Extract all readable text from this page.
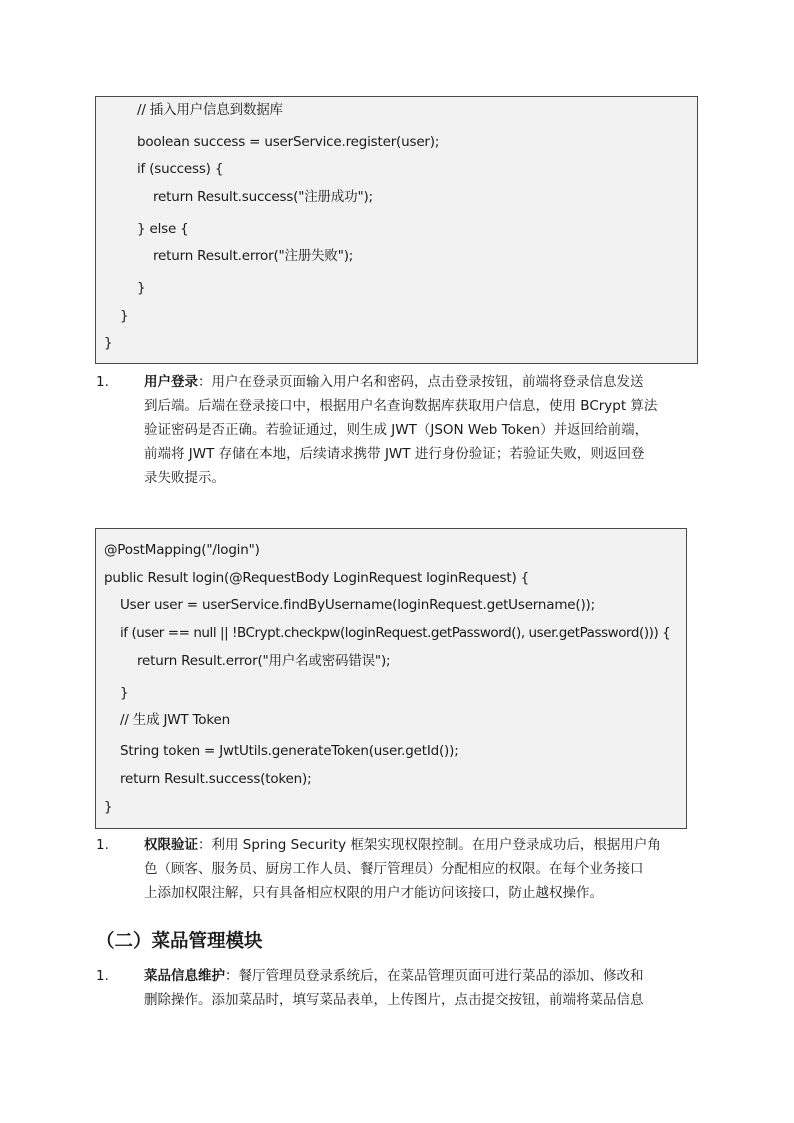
// 插入用户信息到数据库

boolean success = userService.register(user);

if (success) {

return Result.success("注册成功");

} else {

return Result.error("注册失败");

}

}

}

1.	用户登录：用户在登录页面输入用户名和密码，点击登录按钮，前端将登录信息发送
到后端。后端在登录接口中，根据用户名查询数据库获取用户信息，使用 BCrypt 算法
验证密码是否正确。若验证通过，则生成 JWT（JSON Web Token）并返回给前端，
前端将 JWT 存储在本地，后续请求携带 JWT 进行身份验证；若验证失败，则返回登
录失败提示。

@PostMapping("/login")

public Result login(@RequestBody LoginRequest loginRequest) {

User user = userService.findByUsername(loginRequest.getUsername());

if (user == null || !BCrypt.checkpw(loginRequest.getPassword(), user.getPassword())) {

return Result.error("用户名或密码错误");

}

// 生成 JWT Token

String token = JwtUtils.generateToken(user.getId());

return Result.success(token);

}

1.	权限验证：利用 Spring Security 框架实现权限控制。在用户登录成功后，根据用户角
色（顾客、服务员、厨房工作人员、餐厅管理员）分配相应的权限。在每个业务接口
上添加权限注解，只有具备相应权限的用户才能访问该接口，防止越权操作。
（二）菜品管理模块
1.	菜品信息维护：餐厅管理员登录系统后，在菜品管理页面可进行菜品的添加、修改和
删除操作。添加菜品时，填写菜品表单，上传图片，点击提交按钮，前端将菜品信息
